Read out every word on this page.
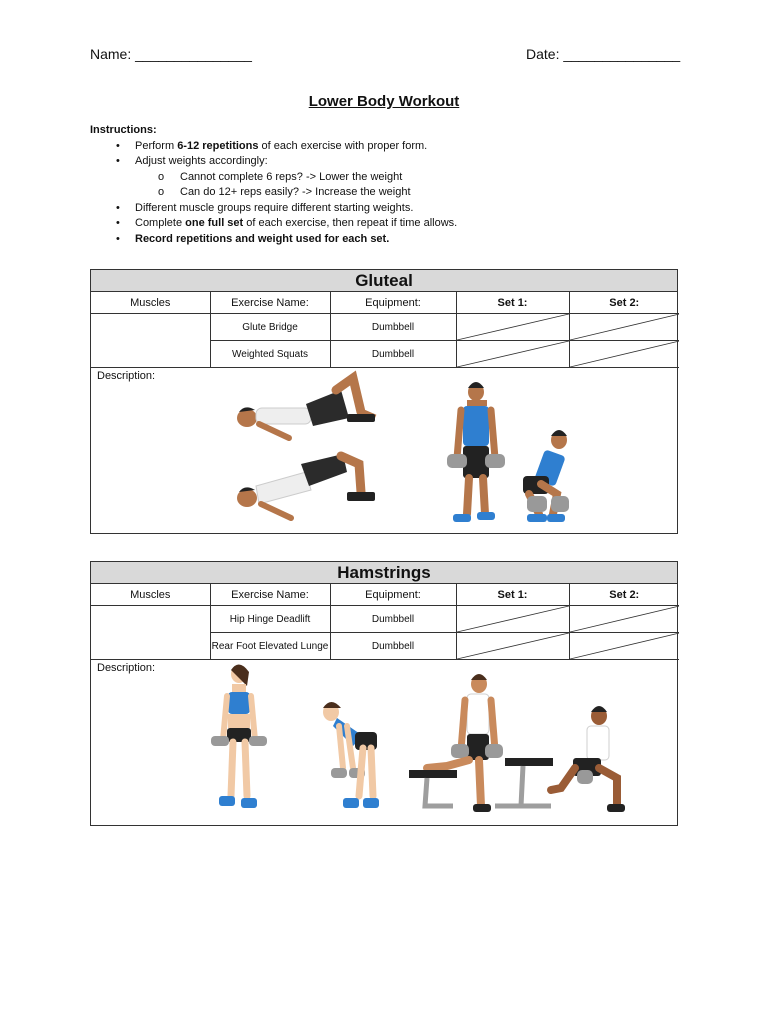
Name: _______________	Date: _______________
Lower Body Workout
Instructions:
• Perform 6-12 repetitions of each exercise with proper form.
• Adjust weights accordingly:
o Cannot complete 6 reps? -> Lower the weight
o Can do 12+ reps easily? -> Increase the weight
• Different muscle groups require different starting weights.
• Complete one full set of each exercise, then repeat if time allows.
• Record repetitions and weight used for each set.
Gluteal
Muscles	Exercise Name:	Equipment:	Set 1:	Set 2:
	Glute Bridge	Dumbbell	

	Weighted Squats	Dumbbell	

Description:
Hamstrings
Muscles	Exercise Name:	Equipment:	Set 1:	Set 2:
	Hip Hinge Deadlift	Dumbbell	

	Rear Foot Elevated Lunge	Dumbbell	

Description:
